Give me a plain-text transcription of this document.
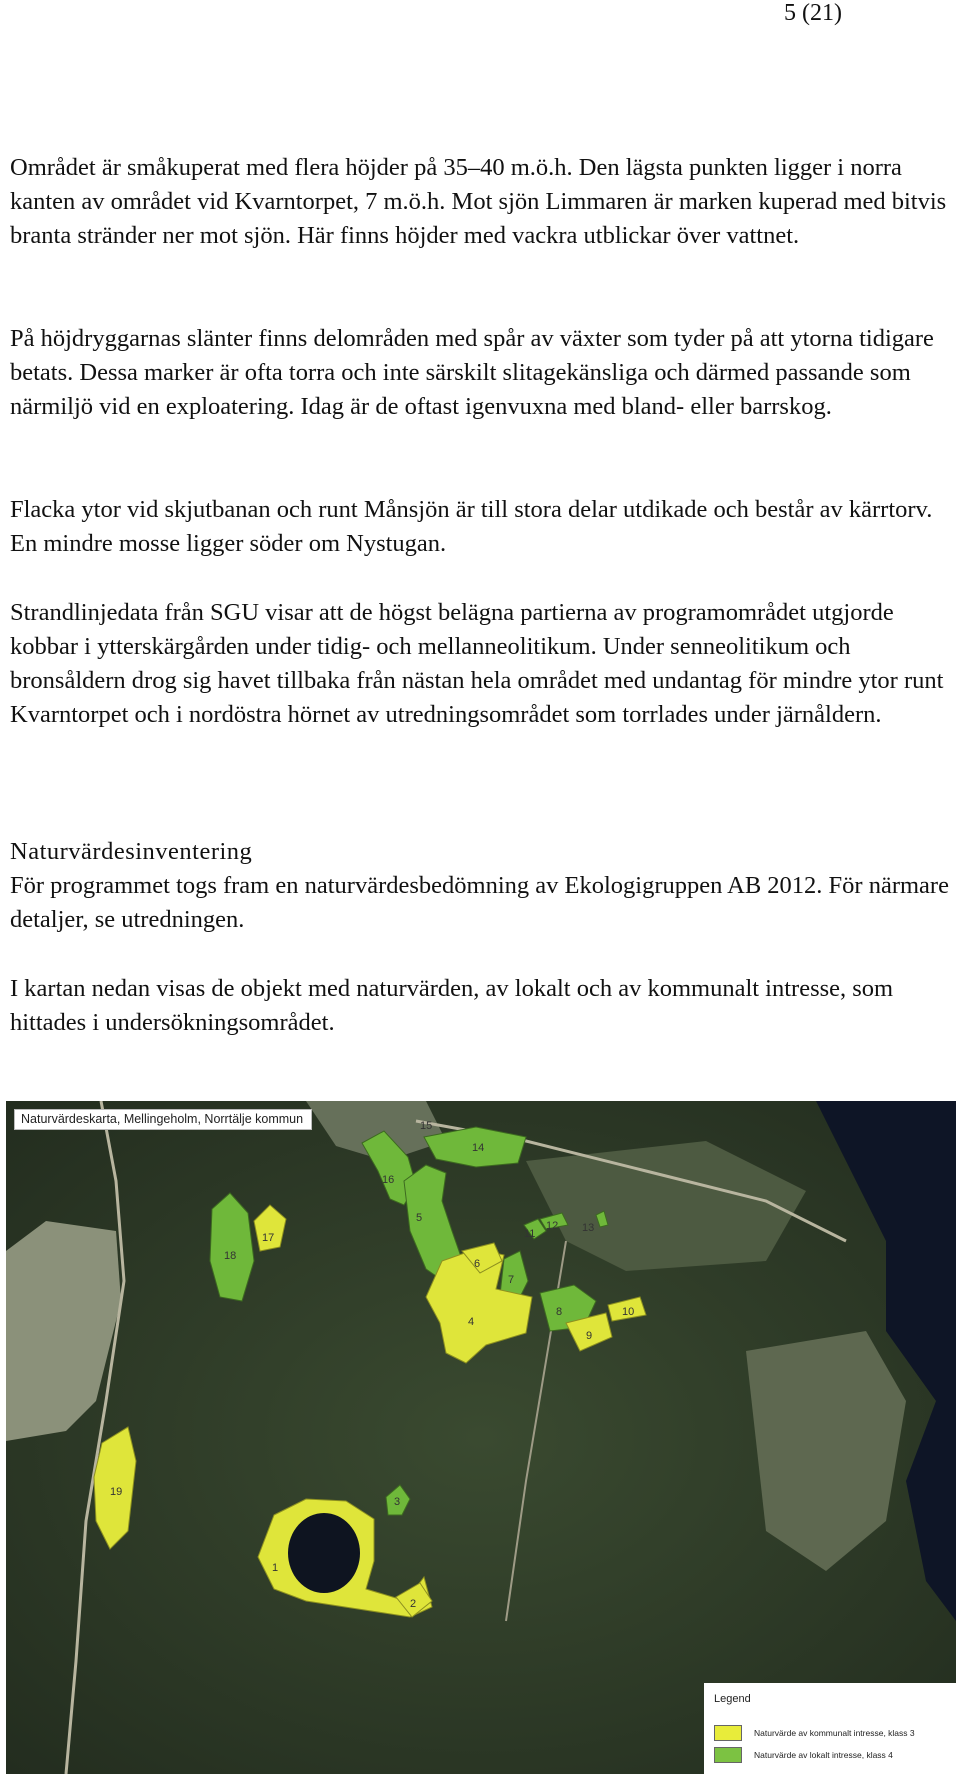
5 (21)

Området är småkuperat med flera höjder på 35–40 m.ö.h. Den lägsta punkten ligger i norra kanten av området vid Kvarntorpet, 7 m.ö.h. Mot sjön Limmaren är marken kuperad med bitvis branta stränder ner mot sjön. Här finns höjder med vackra utblickar över vattnet.

På höjdryggarnas slänter finns delområden med spår av växter som tyder på att ytorna tidigare betats. Dessa marker är ofta torra och inte särskilt slitagekänsliga och därmed passande som närmiljö vid en exploatering. Idag är de oftast igenvuxna med bland- eller barrskog.

Flacka ytor vid skjutbanan och runt Månsjön är till stora delar utdikade och består av kärrtorv. En mindre mosse ligger söder om Nystugan.

Strandlinjedata från SGU visar att de högst belägna partierna av programområdet utgjorde kobbar i ytterskärgården under tidig- och mellanneolitikum. Under senneolitikum och bronsåldern drog sig havet tillbaka från nästan hela området med undantag för mindre ytor runt Kvarntorpet och i nordöstra hörnet av utredningsområdet som torrlades under järnåldern.

Naturvärdesinventering
För programmet togs fram en naturvärdesbedömning av Ekologigruppen AB 2012. För närmare detaljer, se utredningen.

I kartan nedan visas de objekt med naturvärden, av lokalt och av kommunalt intresse, som hittades i undersökningsområdet.

1
2
3
4
5
6
7
8
9
10
11
12 13
14
15
16
17
18
19
Naturvärdeskarta, Mellingeholm, Norrtälje kommun
Legend
Naturvärde av kommunalt intresse, klass 3
Naturvärde av lokalt intresse, klass 4
